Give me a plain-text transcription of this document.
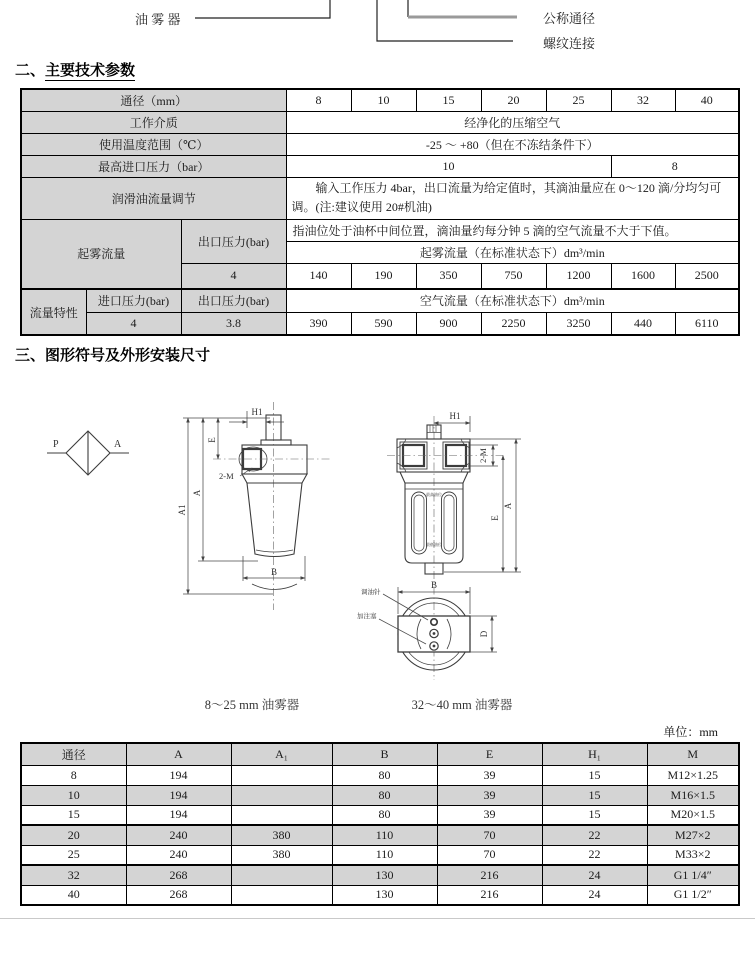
油 雾 器	公称通径
螺纹连接
二、主要技术参数
通径（mm）			8	10	15	20	25	32	40
工作介质			经净化的压缩空气						
使用温度范围（℃）			-25 ～ +80（但在不冻结条件下）						
最高进口压力（bar）			10					8	
润滑油流量调节			输入工作压力 4bar，出口流量为给定值时，其滴油量应在 0～120 滴/分均匀可调。(注:建议使用 20#机油)						
起雾流量		出口压力(bar)	指油位处于油杯中间位置，滴油量约每分钟 5 滴的空气流量不大于下值。						
			起雾流量（在标准状态下）dm³/min						
		4	140	190	350	750	1200	1600	2500
流量特性	进口压力(bar)	出口压力(bar)	空气流量（在标准状态下）dm³/min						
	4	3.8	390	590	900	2250	3250	440	6110
三、图形符号及外形安装尺寸
P	A
H1
E
A
A1
B
2-M
最高油位
最低油位
H1
2-M
E
A
B
D
调油针
加注塞
8～25 mm 油雾器	32～40 mm 油雾器
单位：mm
通径	A	A₁	B	E	H₁	M
8	194		80	39	15	M12×1.25
10	194		80	39	15	M16×1.5
15	194		80	39	15	M20×1.5
20	240	380	110	70	22	M27×2
25	240	380	110	70	22	M33×2
32	268		130	216	24	G1 1/4″
40	268		130	216	24	G1 1/2″
